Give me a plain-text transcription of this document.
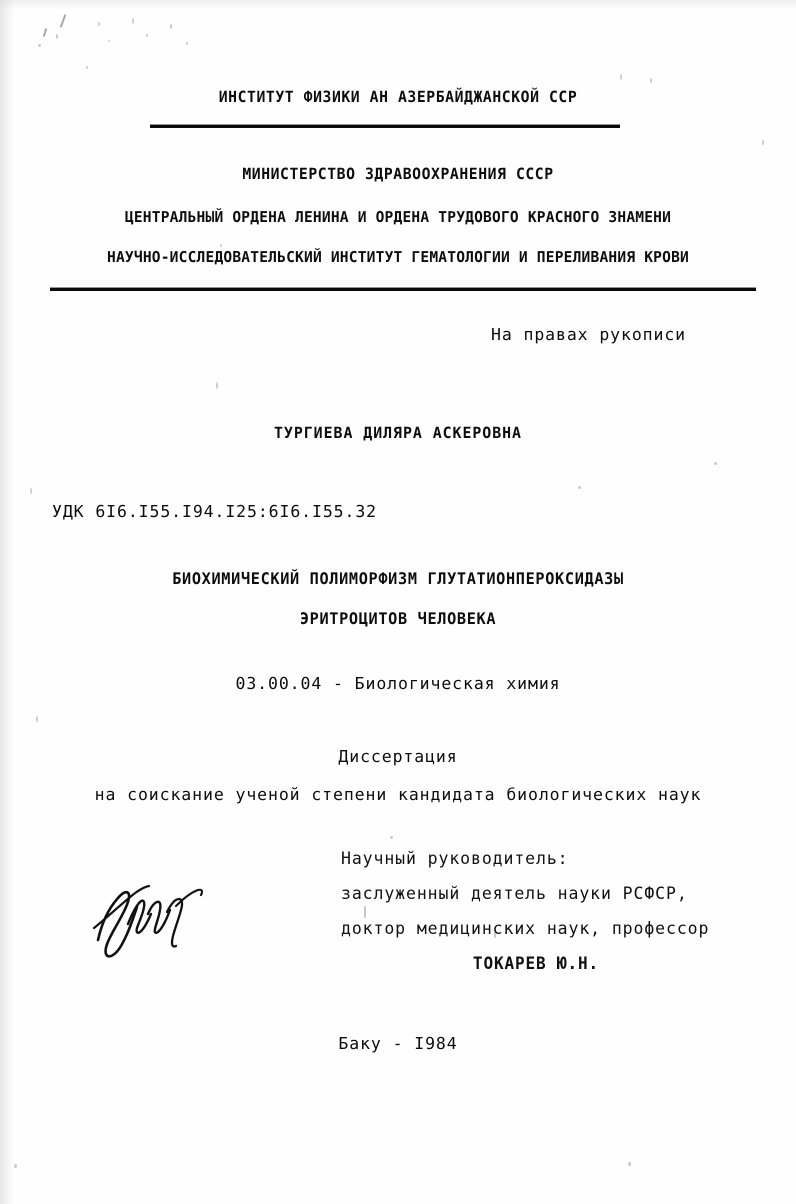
ИНСТИТУТ ФИЗИКИ АН АЗЕРБАЙДЖАНСКОЙ ССР
МИНИСТЕРСТВО ЗДРАВООХРАНЕНИЯ СССР
ЦЕНТРАЛЬНЫЙ ОРДЕНА ЛЕНИНА И ОРДЕНА ТРУДОВОГО КРАСНОГО ЗНАМЕНИ
НАУЧНО-ИССЛЕДОВАТЕЛЬСКИЙ ИНСТИТУТ ГЕМАТОЛОГИИ И ПЕРЕЛИВАНИЯ КРОВИ
На правах рукописи
ТУРГИЕВА ДИЛЯРА АСКЕРОВНА
УДК 6I6.I55.I94.I25:6I6.I55.32
БИОХИМИЧЕСКИЙ ПОЛИМОРФИЗМ ГЛУТАТИОНПЕРОКСИДАЗЫ
ЭРИТРОЦИТОВ ЧЕЛОВЕКА
03.00.04 - Биологическая химия
Диссертация
на соискание ученой степени кандидата биологических наук
Научный руководитель:
заслуженный деятель науки РСФСР,
доктор медицинских наук, профессор
ТОКАРЕВ Ю.Н.
Баку - I984
